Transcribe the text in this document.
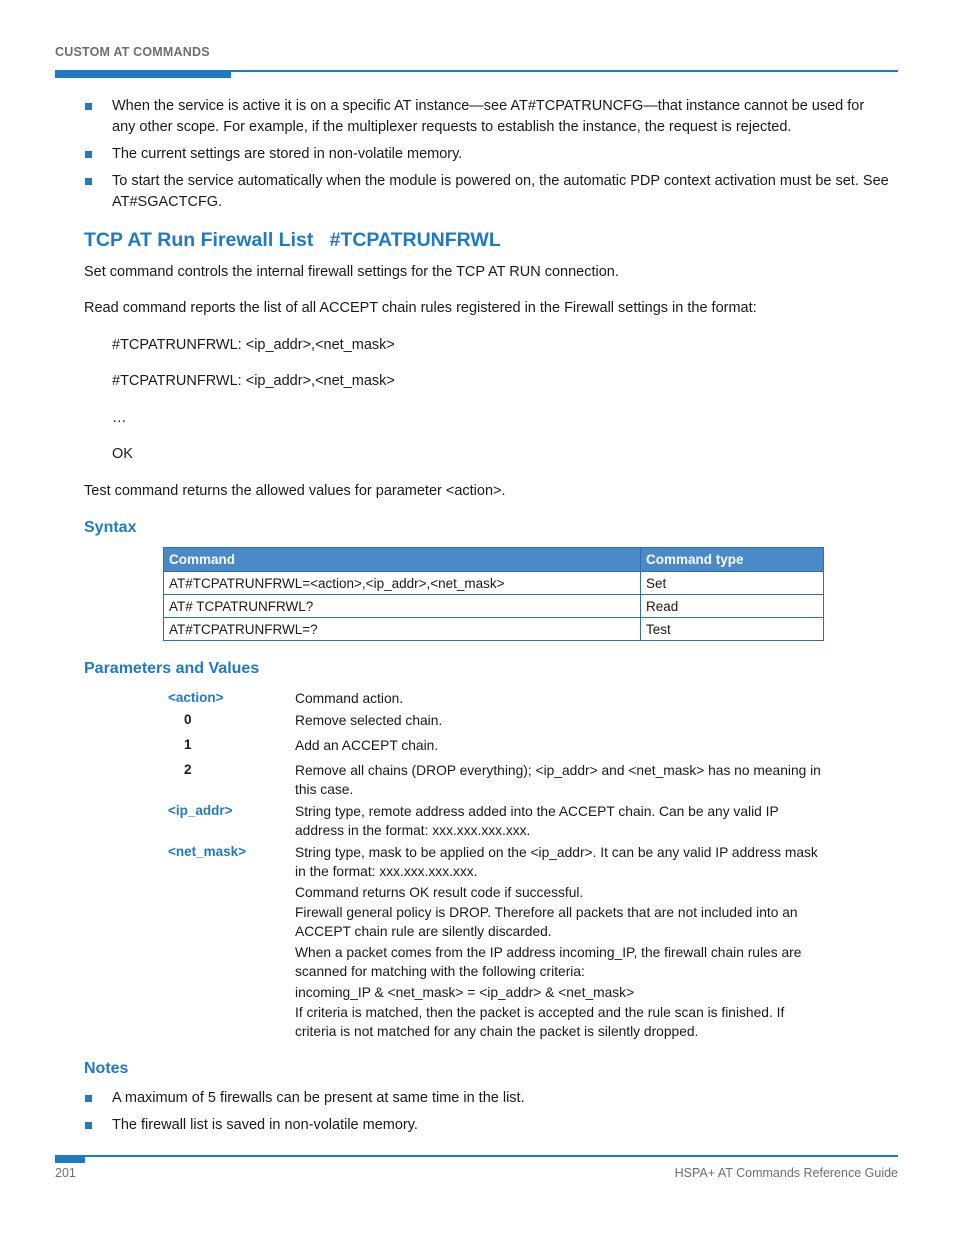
CUSTOM AT COMMANDS
When the service is active it is on a specific AT instance—see AT#TCPATRUNCFG—that instance cannot be used for any other scope. For example, if the multiplexer requests to establish the instance, the request is rejected.
The current settings are stored in non-volatile memory.
To start the service automatically when the module is powered on, the automatic PDP context activation must be set. See AT#SGACTCFG.
TCP AT Run Firewall List   #TCPATRUNFRWL
Set command controls the internal firewall settings for the TCP AT RUN connection.
Read command reports the list of all ACCEPT chain rules registered in the Firewall settings in the format:
#TCPATRUNFRWL: <ip_addr>,<net_mask>
#TCPATRUNFRWL: <ip_addr>,<net_mask>
…
OK
Test command returns the allowed values for parameter <action>.
Syntax
Command	Command type
AT#TCPATRUNFRWL=<action>,<ip_addr>,<net_mask>	Set
AT# TCPATRUNFRWL?	Read
AT#TCPATRUNFRWL=?	Test
Parameters and Values
<action>	Command action.
0	Remove selected chain.
1	Add an ACCEPT chain.
2	Remove all chains (DROP everything); <ip_addr> and <net_mask> has no meaning in this case.
<ip_addr>	String type, remote address added into the ACCEPT chain. Can be any valid IP address in the format: xxx.xxx.xxx.xxx.
<net_mask>	String type, mask to be applied on the <ip_addr>. It can be any valid IP address mask in the format: xxx.xxx.xxx.xxx.
Command returns OK result code if successful.
Firewall general policy is DROP. Therefore all packets that are not included into an ACCEPT chain rule are silently discarded.
When a packet comes from the IP address incoming_IP, the firewall chain rules are scanned for matching with the following criteria:
incoming_IP & <net_mask> = <ip_addr> & <net_mask>
If criteria is matched, then the packet is accepted and the rule scan is finished. If criteria is not matched for any chain the packet is silently dropped.
Notes
A maximum of 5 firewalls can be present at same time in the list.
The firewall list is saved in non-volatile memory.
201	HSPA+ AT Commands Reference Guide
